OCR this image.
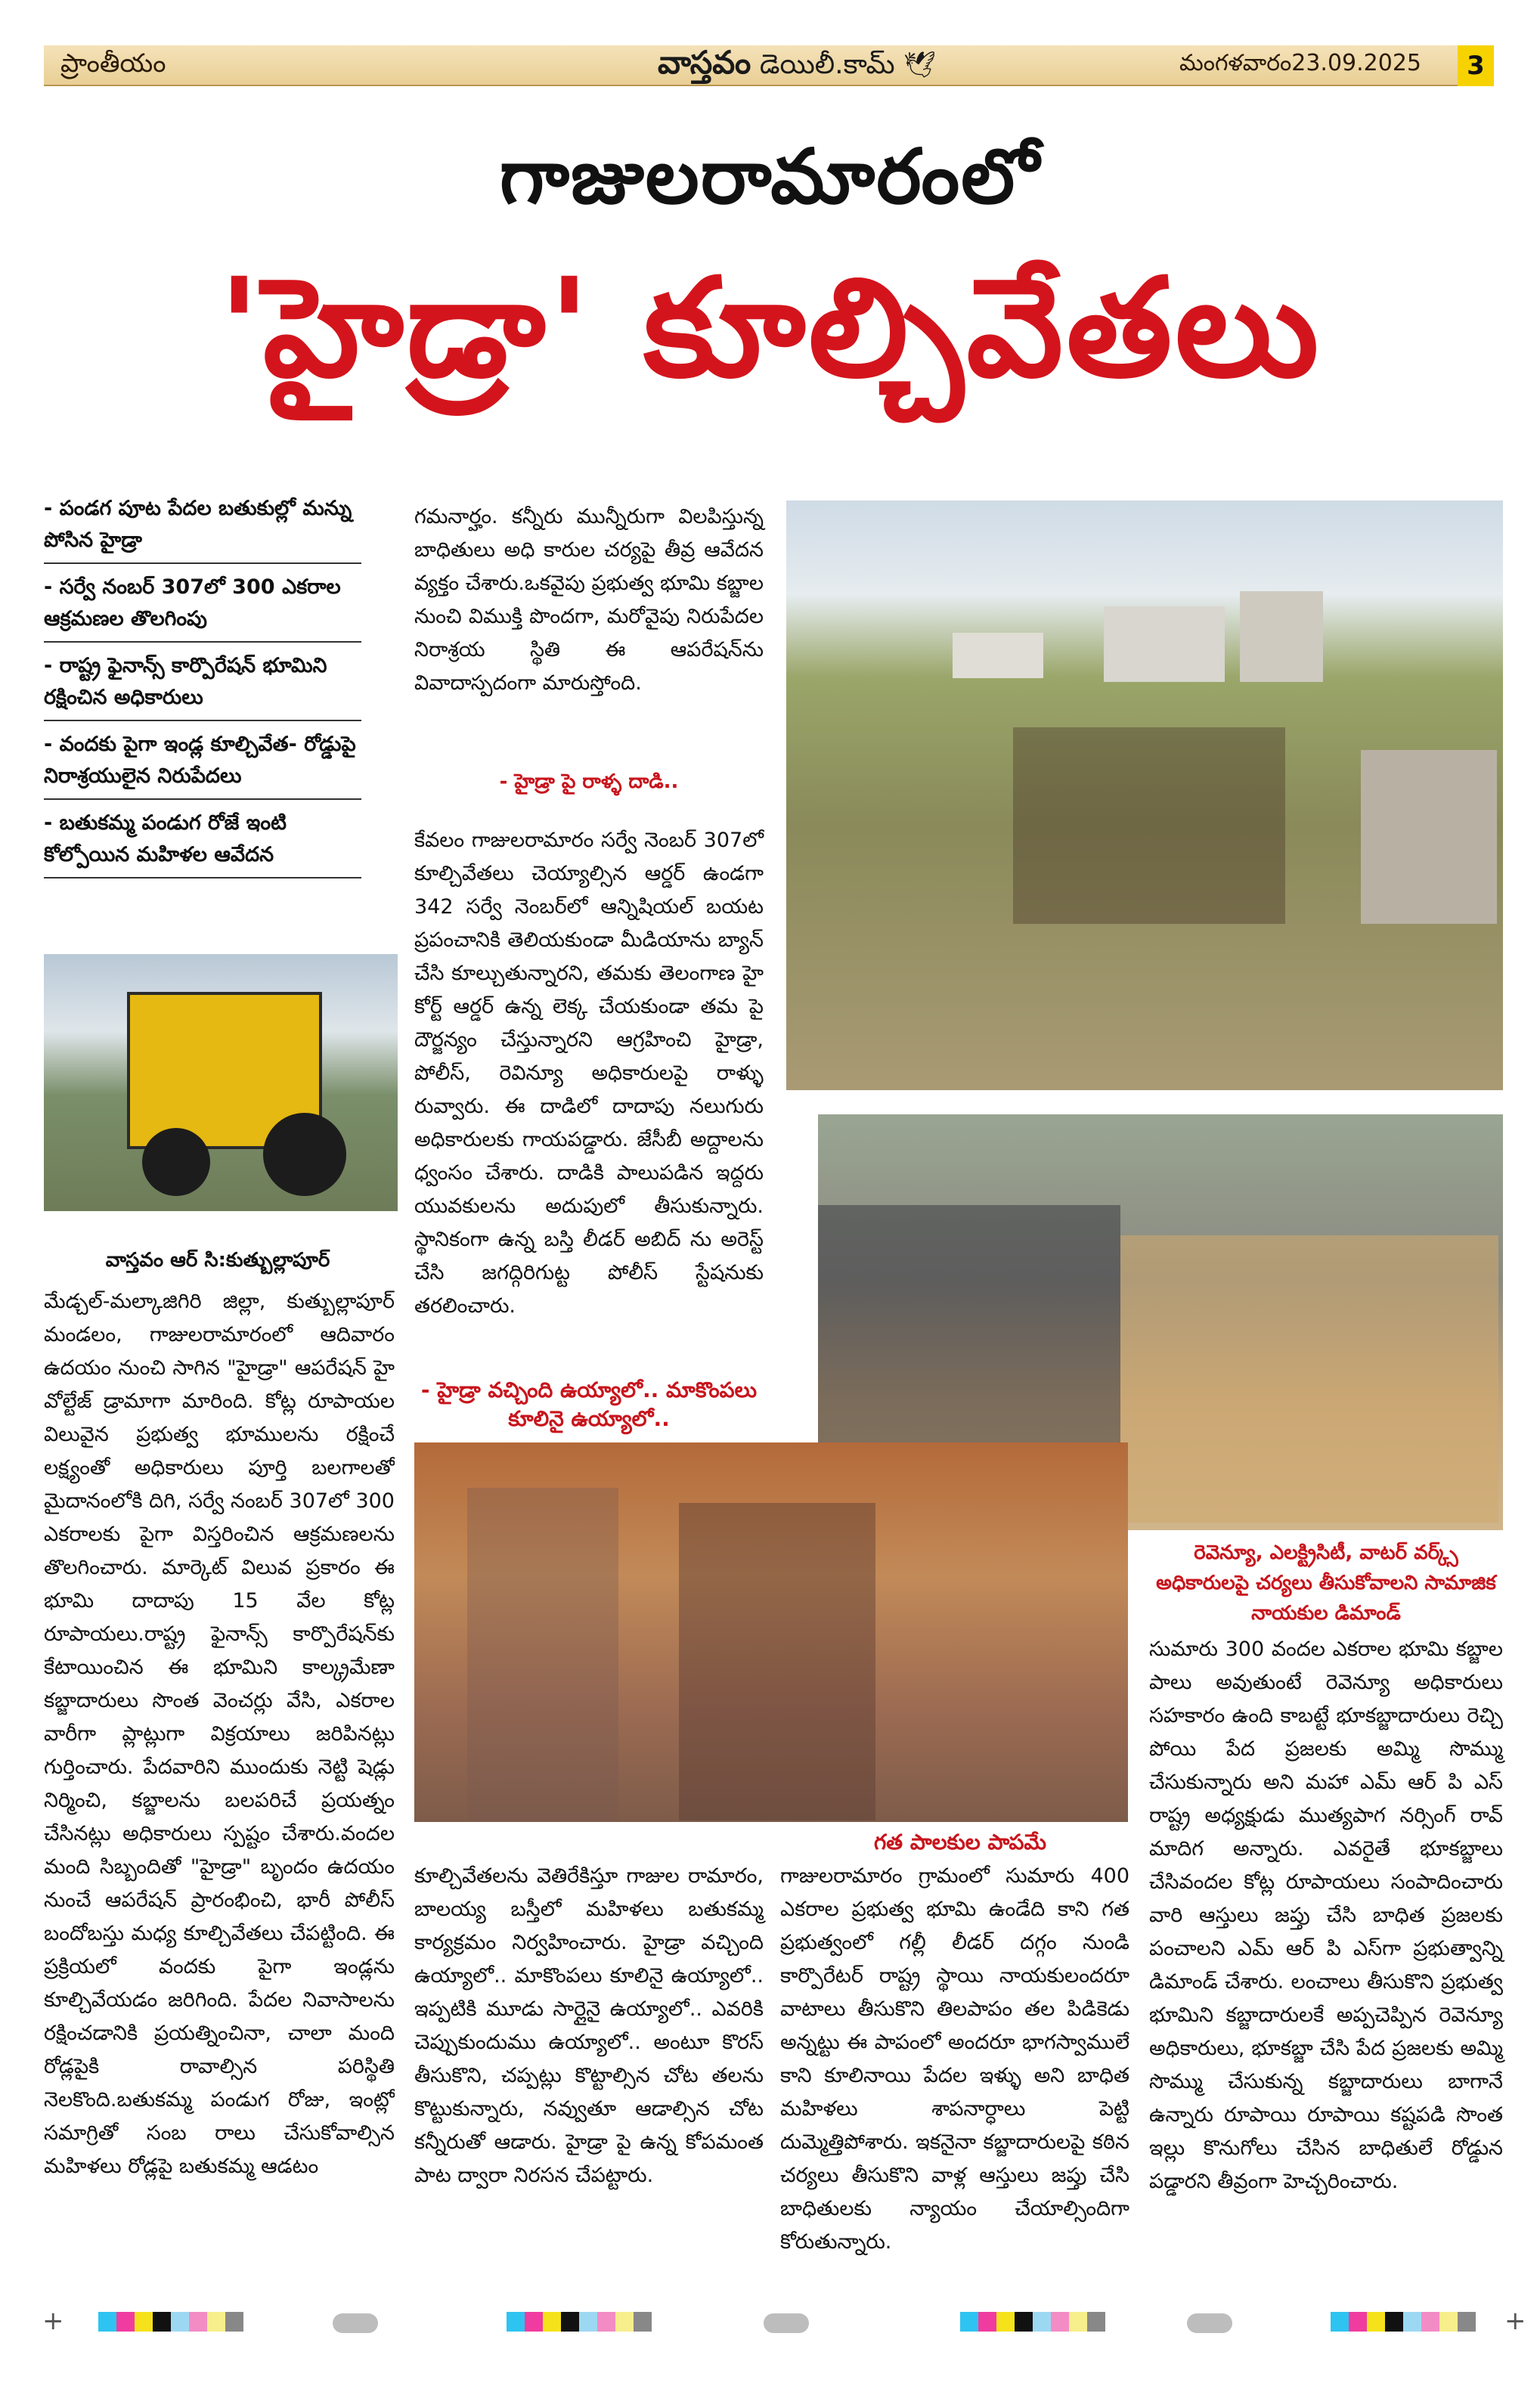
ప్రాంతీయం	వాస్తవం డెయిలీ.కామ్ 🕊	మంగళవారం23.09.2025	3
గాజులరామారంలో
'హైడ్రా' కూల్చివేతలు
- పండగ పూట పేదల బతుకుల్లో మన్ను పోసిన హైడ్రా
- సర్వే నంబర్ 307లో 300 ఎకరాల ఆక్రమణల తొలగింపు
- రాష్ట్ర ఫైనాన్స్ కార్పొరేషన్ భూమిని రక్షించిన అధికారులు
- వందకు పైగా ఇండ్ల కూల్చివేత- రోడ్డుపై నిరాశ్రయులైన నిరుపేదలు
- బతుకమ్మ పండుగ రోజే ఇంటి కోల్పోయిన మహిళల ఆవేదన
వాస్తవం ఆర్ సి:కుత్బుల్లాపూర్
మేడ్చల్-మల్కాజిగిరి జిల్లా, కుత్బుల్లాపూర్ మండలం, గాజులరామారంలో ఆదివారం ఉదయం నుంచి సాగిన "హైడ్రా" ఆపరేషన్ హై వోల్టేజ్ డ్రామాగా మారింది. కోట్ల రూపాయల విలువైన ప్రభుత్వ భూములను రక్షించే లక్ష్యంతో అధికారులు పూర్తి బలగాలతో మైదానంలోకి దిగి, సర్వే నంబర్ 307లో 300 ఎకరాలకు పైగా విస్తరించిన ఆక్రమణలను తొలగించారు. మార్కెట్ విలువ ప్రకారం ఈ భూమి దాదాపు 15 వేల కోట్ల రూపాయలు.రాష్ట్ర ఫైనాన్స్ కార్పొరేషన్‌కు కేటాయించిన ఈ భూమిని కాల్క్రమేణా కబ్జాదారులు సొంత వెంచర్లు వేసి, ఎకరాల వారీగా ప్లాట్లుగా విక్రయాలు జరిపినట్లు గుర్తించారు. పేదవారిని ముందుకు నెట్టి షెడ్లు నిర్మించి, కబ్జాలను బలపరిచే ప్రయత్నం చేసినట్లు అధికారులు స్పష్టం చేశారు.వందల మంది సిబ్బందితో "హైడ్రా" బృందం ఉదయం నుంచే ఆపరేషన్ ప్రారంభించి, భారీ పోలీస్ బందోబస్తు మధ్య కూల్చివేతలు చేపట్టింది. ఈ ప్రక్రియలో వందకు పైగా ఇండ్లను కూల్చివేయడం జరిగింది. పేదల నివాసాలను రక్షించడానికి ప్రయత్నించినా, చాలా మంది రోడ్లపైకి రావాల్సిన పరిస్థితి నెలకొంది.బతుకమ్మ పండుగ రోజు, ఇంట్లో సమాగ్రితో సంబ రాలు చేసుకోవాల్సిన మహిళలు రోడ్లపై బతుకమ్మ ఆడటం
గమనార్హం. కన్నీరు మున్నీరుగా విలపిస్తున్న బాధితులు అధి కారుల చర్యపై తీవ్ర ఆవేదన వ్యక్తం చేశారు.ఒకవైపు ప్రభుత్వ భూమి కబ్జాల నుంచి విముక్తి పొందగా, మరోవైపు నిరుపేదల నిరాశ్రయ స్థితి ఈ ఆపరేషన్‌ను వివాదాస్పదంగా మారుస్తోంది.
- హైడ్రా పై రాళ్ళ దాడి..
కేవలం గాజులరామారం సర్వే నెంబర్ 307లో కూల్చివేతలు చెయ్యాల్సిన ఆర్డర్ ఉండగా 342 సర్వే నెంబర్‌లో ఆన్నిషియల్ బయట ప్రపంచానికి తెలియకుండా మీడియాను బ్యాన్ చేసి కూల్చుతున్నారని, తమకు తెలంగాణ హై కోర్ట్ ఆర్డర్ ఉన్న లెక్క చేయకుండా తమ పై దౌర్జన్యం చేస్తున్నారని ఆగ్రహించి హైడ్రా, పోలీస్, రెవిన్యూ అధికారులపై రాళ్ళు రువ్వారు. ఈ దాడిలో దాదాపు నలుగురు అధికారులకు గాయపడ్డారు. జేసీబీ అద్దాలను ధ్వంసం చేశారు. దాడికి పాలుపడిన ఇద్దరు యువకులను అదుపులో తీసుకున్నారు. స్థానికంగా ఉన్న బస్తి లీడర్ అబిద్ ను అరెస్ట్ చేసి జగద్గిరిగుట్ట పోలీస్ స్టేషనుకు తరలించారు.
- హైడ్రా వచ్చింది ఉయ్యాలో.. మాకొంపలు కూలినై ఉయ్యాలో..
గత పాలకుల పాపమే
కూల్చివేతలను వెతిరేకిస్తూ గాజుల రామారం, బాలయ్య బస్తీలో మహిళలు బతుకమ్మ కార్యక్రమం నిర్వహించారు. హైడ్రా వచ్చింది ఉయ్యాలో.. మాకొంపలు కూలినై ఉయ్యాలో.. ఇప్పటికి మూడు సార్లైనై ఉయ్యాలో.. ఎవరికి చెప్పుకుందుము ఉయ్యాలో.. అంటూ కొరస్ తీసుకొని, చప్పట్లు కొట్టాల్సిన చోట తలను కొట్టుకున్నారు, నవ్వుతూ ఆడాల్సిన చోట కన్నీరుతో ఆడారు. హైడ్రా పై ఉన్న కోపమంత పాట ద్వారా నిరసన చేపట్టారు.
గాజులరామారం గ్రామంలో సుమారు 400 ఎకరాల ప్రభుత్వ భూమి ఉండేది కాని గత ప్రభుత్వంలో గల్లీ లీడర్ దగ్గం నుండి కార్పొరేటర్ రాష్ట్ర స్థాయి నాయకులందరూ వాటాలు తీసుకొని తిలపాపం తల పిడికెడు అన్నట్టు ఈ పాపంలో అందరూ భాగస్వాములే కాని కూలినాయి పేదల ఇళ్ళు అని బాధిత మహిళలు శాపనార్ధాలు పెట్టి దుమ్మెత్తిపోశారు. ఇకనైనా కబ్జాదారులపై కఠిన చర్యలు తీసుకొని వాళ్ల ఆస్తులు జప్తు చేసి బాధితులకు న్యాయం చేయాల్సిందిగా కోరుతున్నారు.
రెవెన్యూ, ఎలక్ట్రిసిటీ, వాటర్ వర్క్స్ అధికారులపై చర్యలు తీసుకోవాలని సామాజిక నాయకుల డిమాండ్
సుమారు 300 వందల ఎకరాల భూమి కబ్జాల పాలు అవుతుంటే రెవెన్యూ అధికారులు సహకారం ఉంది కాబట్టే భూకబ్జాదారులు రెచ్చి పోయి పేద ప్రజలకు అమ్మి సొమ్ము చేసుకున్నారు అని మహా ఎమ్ ఆర్ పి ఎస్ రాష్ట్ర అధ్యక్షుడు ముత్యపాగ నర్సింగ్ రావ్ మాదిగ అన్నారు. ఎవరైతే భూకబ్జాలు చేసివందల కోట్ల రూపాయలు సంపాదించారు వారి ఆస్తులు జప్తు చేసి బాధిత ప్రజలకు పంచాలని ఎమ్ ఆర్ పి ఎస్‌గా ప్రభుత్వాన్ని డిమాండ్ చేశారు. లంచాలు తీసుకొని ప్రభుత్వ భూమిని కబ్జాదారులకే అప్పచెప్పిన రెవెన్యూ అధికారులు, భూకబ్జా చేసి పేద ప్రజలకు అమ్మి సొమ్ము చేసుకున్న కబ్జాదారులు బాగానే ఉన్నారు రూపాయి రూపాయి కష్టపడి సొంత ఇల్లు కొనుగోలు చేసిన బాధితులే రోడ్డున పడ్డారని తీవ్రంగా హెచ్చరించారు.
+	+
